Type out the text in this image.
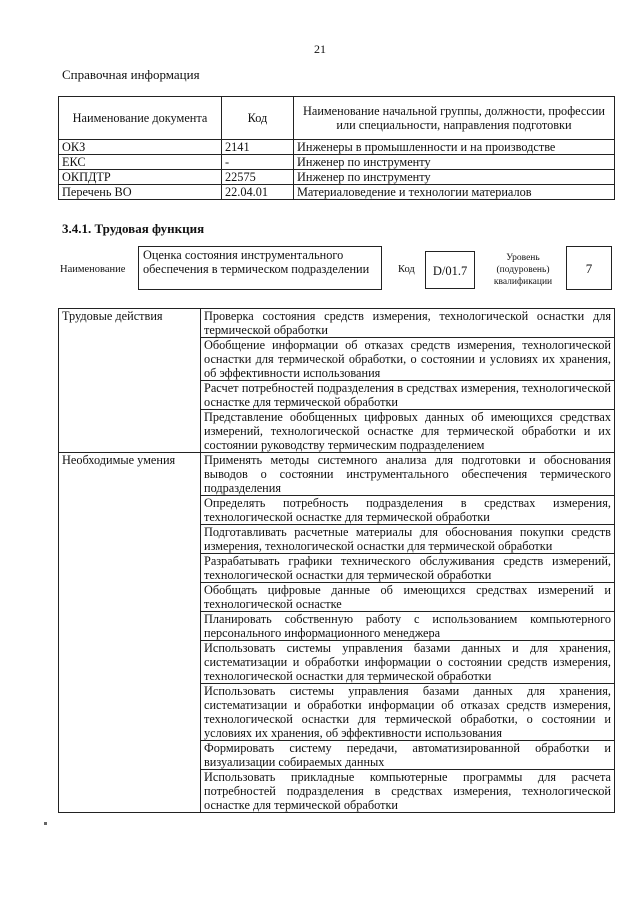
21
Справочная информация
Наименование документа	Код	Наименование начальной группы, должности, профессии или специальности, направления подготовки
ОКЗ	2141	Инженеры в промышленности и на производстве
ЕКС	-	Инженер по инструменту
ОКПДТР	22575	Инженер по инструменту
Перечень ВО	22.04.01	Материаловедение и технологии материалов
3.4.1. Трудовая функция
Наименование
Оценка состояния инструментального обеспечения в термическом подразделении	Код	D/01.7
Уровень (подуровень) квалификации
7
Трудовые действия	Проверка состояния средств измерения, технологической оснастки для термической обработки
	Обобщение информации об отказах средств измерения, технологической оснастки для термической обработки, о состоянии и условиях их хранения, об эффективности использования
	Расчет потребностей подразделения в средствах измерения, технологической оснастке для термической обработки
	Представление обобщенных цифровых данных об имеющихся средствах измерений, технологической оснастке для термической обработки и их состоянии руководству термическим подразделением
Необходимые умения	Применять методы системного анализа для подготовки и обоснования выводов о состоянии инструментального обеспечения термического подразделения
	Определять потребность подразделения в средствах измерения, технологической оснастке для термической обработки
	Подготавливать расчетные материалы для обоснования покупки средств измерения, технологической оснастки для термической обработки
	Разрабатывать графики технического обслуживания средств измерений, технологической оснастки для термической обработки
	Обобщать цифровые данные об имеющихся средствах измерений и технологической оснастке
	Планировать собственную работу с использованием компьютерного персонального информационного менеджера
	Использовать системы управления базами данных и для хранения, систематизации и обработки информации о состоянии средств измерения, технологической оснастки для термической обработки
	Использовать системы управления базами данных для хранения, систематизации и обработки информации об отказах средств измерения, технологической оснастки для термической обработки, о состоянии и условиях их хранения, об эффективности использования
	Формировать систему передачи, автоматизированной обработки и визуализации собираемых данных
	Использовать прикладные компьютерные программы для расчета потребностей подразделения в средствах измерения, технологической оснастке для термической обработки
